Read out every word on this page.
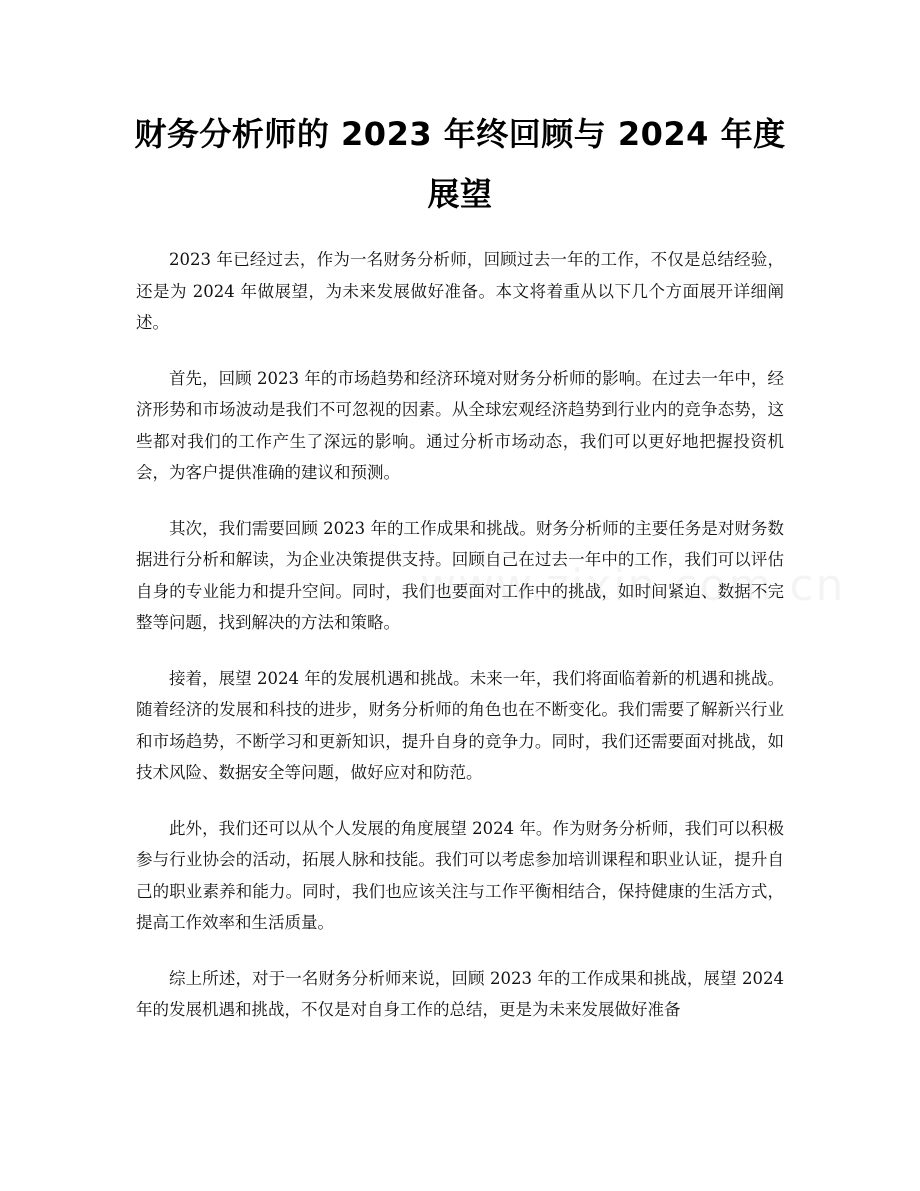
财务分析师的 2023 年终回顾与 2024 年度展望

2023 年已经过去，作为一名财务分析师，回顾过去一年的工作，不仅是总结经验，还是为 2024 年做展望，为未来发展做好准备。本文将着重从以下几个方面展开详细阐述。

首先，回顾 2023 年的市场趋势和经济环境对财务分析师的影响。在过去一年中，经济形势和市场波动是我们不可忽视的因素。从全球宏观经济趋势到行业内的竞争态势，这些都对我们的工作产生了深远的影响。通过分析市场动态，我们可以更好地把握投资机会，为客户提供准确的建议和预测。

其次，我们需要回顾 2023 年的工作成果和挑战。财务分析师的主要任务是对财务数据进行分析和解读，为企业决策提供支持。回顾自己在过去一年中的工作，我们可以评估自身的专业能力和提升空间。同时，我们也要面对工作中的挑战，如时间紧迫、数据不完整等问题，找到解决的方法和策略。

接着，展望 2024 年的发展机遇和挑战。未来一年，我们将面临着新的机遇和挑战。随着经济的发展和科技的进步，财务分析师的角色也在不断变化。我们需要了解新兴行业和市场趋势，不断学习和更新知识，提升自身的竞争力。同时，我们还需要面对挑战，如技术风险、数据安全等问题，做好应对和防范。

此外，我们还可以从个人发展的角度展望 2024 年。作为财务分析师，我们可以积极参与行业协会的活动，拓展人脉和技能。我们可以考虑参加培训课程和职业认证，提升自己的职业素养和能力。同时，我们也应该关注与工作平衡相结合，保持健康的生活方式，提高工作效率和生活质量。

综上所述，对于一名财务分析师来说，回顾 2023 年的工作成果和挑战，展望 2024 年的发展机遇和挑战，不仅是对自身工作的总结，更是为未来发展做好准备
